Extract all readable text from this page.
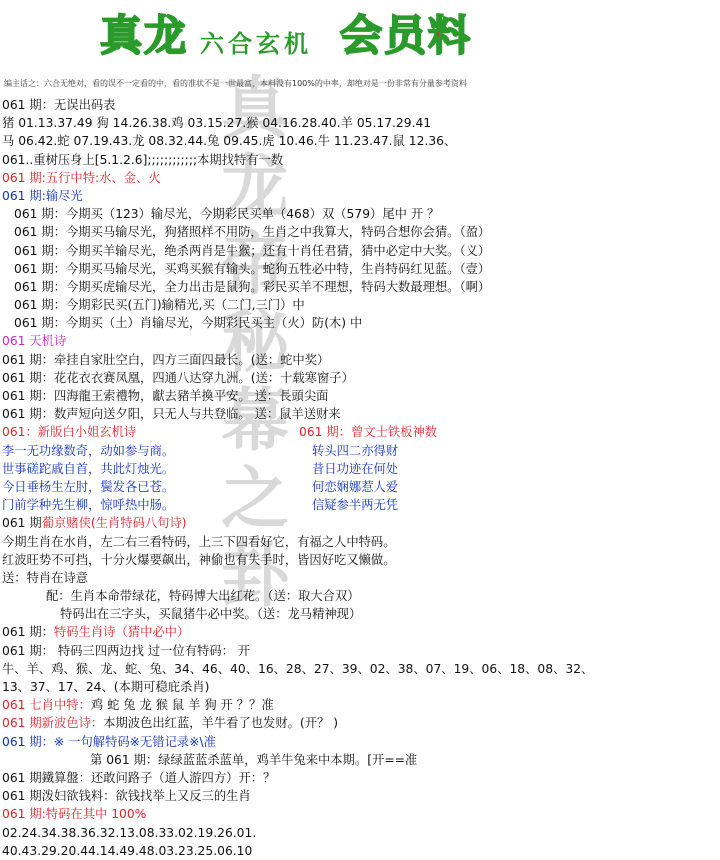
真龙 六合玄机 会员料
编主话之：六合无绝对，看的误不一定看的中，看的准状不是一世最富，本料没有100%的中率，却绝对是一份非常有分量参考资料
真
龙
帝
秘
幕
之
卦
061 期：无误出码表
猪 01.13.37.49 狗 14.26.38.鸡 03.15.27.猴 04.16.28.40.羊 05.17.29.41
马 06.42.蛇 07.19.43.龙 08.32.44.兔 09.45.虎 10.46.牛 11.23.47.鼠 12.36、
061..重树压身上[5.1.2.6];;;;;;;;;;;;本期找特有一数
061 期:五行中特:水、金、火
061 期:输尽光
061 期：今期买（123）输尽光，今期彩民买单（468）双（579）尾中 开 ？
061 期：今期买马输尽光，狗猪照样不用防，生肖之中我算大，特码合想你会猜。（盈）
061 期：今期买羊输尽光，绝杀两肖是牛猴；还有十肖任君猜，猜中必定中大奖。（义）
061 期：今期买马输尽光，买鸡买猴有输头。蛇狗五牲必中特，生肖特码红见蓝。（壹）
061 期：今期买虎输尽光，全力出击是鼠狗。彩民买羊不理想，特码大数最理想。（啊）
061 期：今期彩民买(五门)输精光,买（二门,三门）中
061 期：今期买（土）肖输尽光，今期彩民买主（火）防(木) 中
061 天机诗
061 期：牵挂自家肚空白，四方三面四最长。(送：蛇中奖）
061 期：花花衣衣赛凤凰，四通八达穿九洲。(送：十载寒窗子）
061 期：四海龍王索禮物，獻去豬羊換平安。 送：長頭尖面
061 期：数声短向送夕阳，只无人与共登临。 送：鼠羊送财来
061：新版白小姐玄机诗	061 期：曾文士铁板神数
李一无功缘数奇，动如参与商。	转头四二亦得财
世事磋跎戚自首，共此灯烛光。	昔日功迹在何处
今日垂杨生左肘，鬓发各已苍。	何恋娴娜惹人爱
门前学种先生柳，惊呼热中肠。	信疑参半两无凭
061 期葡京赌侠(生肖特码八句诗)
今期生肖在水肖，左二右三看特码，上三下四看好它，有福之人中特码。
红波旺势不可挡，十分火爆要飙出，神偷也有失手时，皆因好吃又懒做。
送：特肖在诗意
配：生肖本命带绿花，特码博大出红花。（送：取大合双）
特码出在三字头，买鼠猪牛必中奖。（送：龙马精神现）
061 期：特码生肖诗（猜中必中）
061 期： 特码三四两边找 过一位有特码： 开
牛、羊、鸡、猴、龙、蛇、兔、34、46、40、16、28、27、39、02、38、07、19、06、18、08、32、
13、37、17、24、(本期可稳庇杀肖)
061 七肖中特：鸡 蛇 兔 龙 猴 鼠 羊 狗 开 ？？准
061 期新波色诗：本期波色出红蓝，羊牛看了也发财。(开？ )
061 期：※ 一句解特码※无错记录※\准
第 061 期：绿绿蓝蓝杀蓝单，鸡羊牛兔来中本期。[开==准
061 期鐵算盤：还敢问路子（道人游四方）开：？
061 期泼妇欲钱料：欲钱找举上又反三的生肖
061 期:特码在其中 100%
02.24.34.38.36.32.13.08.33.02.19.26.01.
40.43.29.20.44.14.49.48.03.23.25.06.10
